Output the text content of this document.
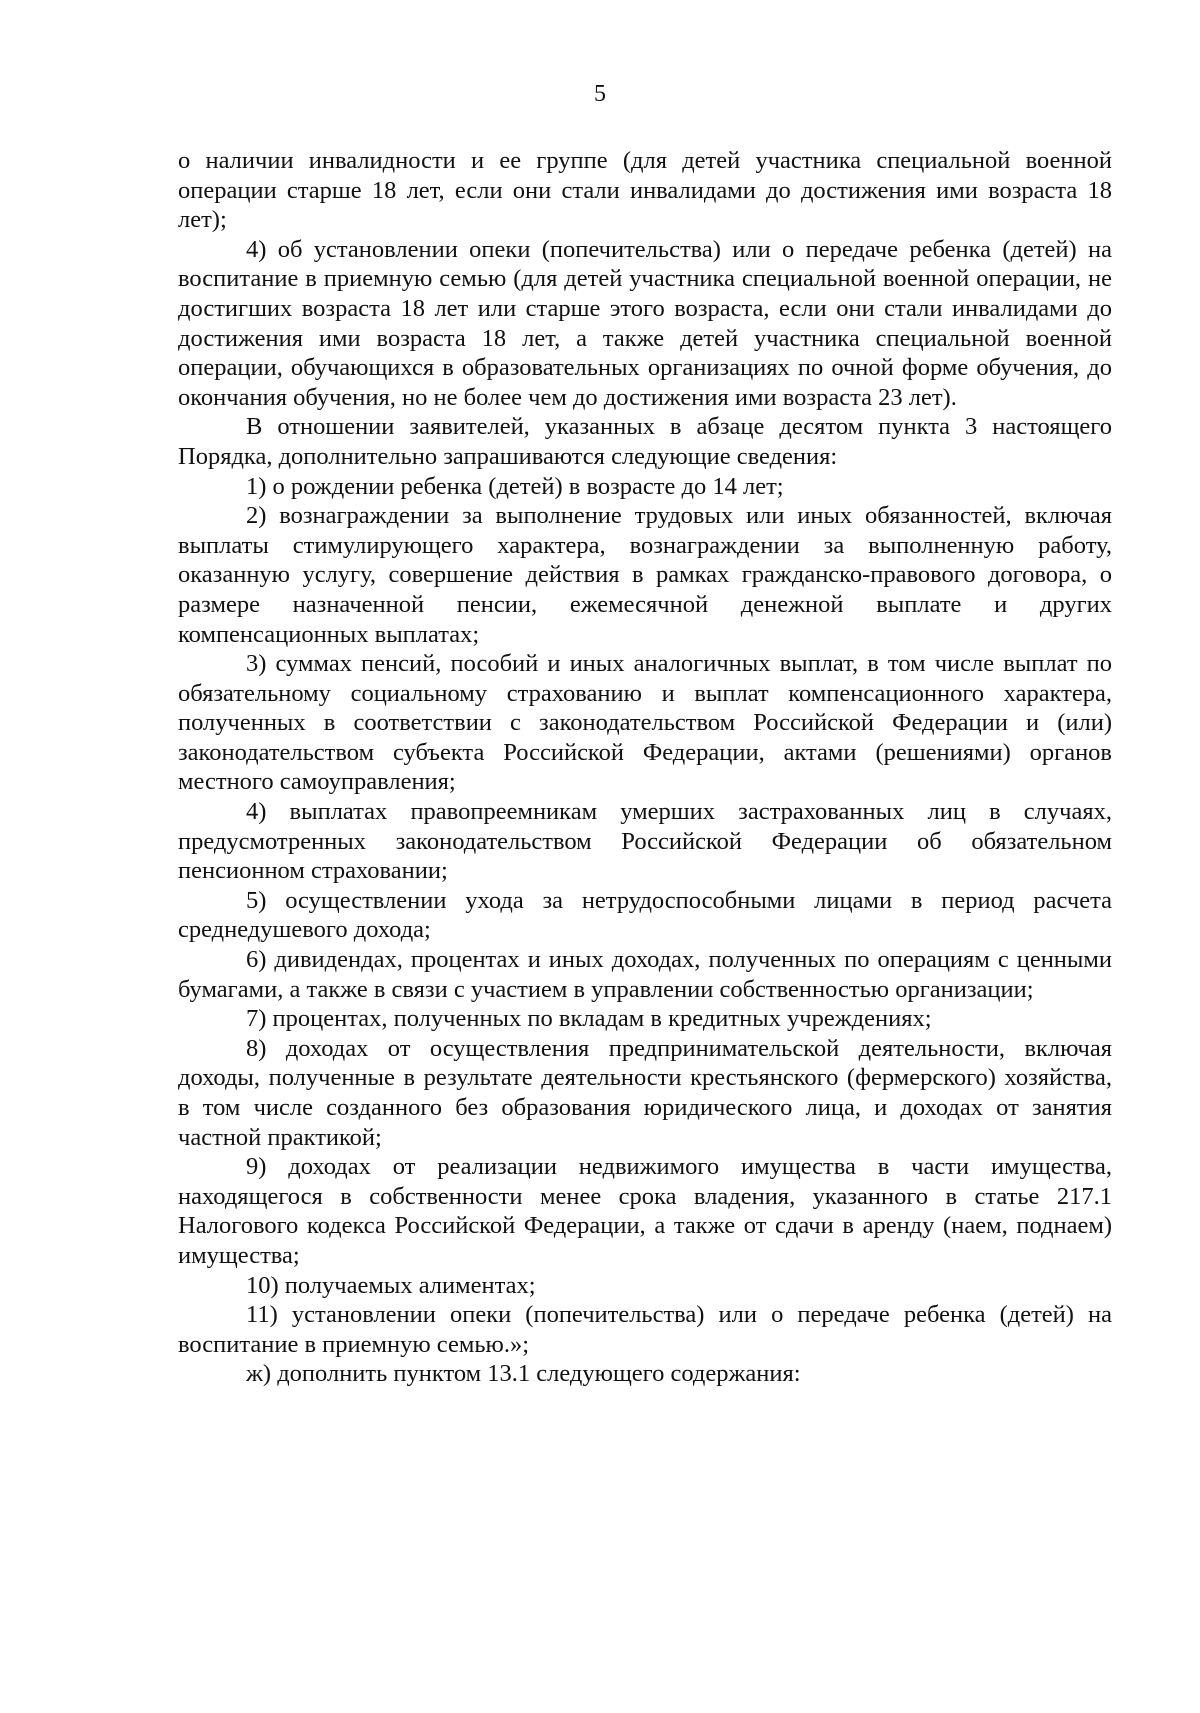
5

о наличии инвалидности и ее группе (для детей участника специальной военной операции старше 18 лет, если они стали инвалидами до достижения ими возраста 18 лет);

4) об установлении опеки (попечительства) или о передаче ребенка (детей) на воспитание в приемную семью (для детей участника специальной военной операции, не достигших возраста 18 лет или старше этого возраста, если они стали инвалидами до достижения ими возраста 18 лет, а также детей участника специальной военной операции, обучающихся в образовательных организациях по очной форме обучения, до окончания обучения, но не более чем до достижения ими возраста 23 лет).

В отношении заявителей, указанных в абзаце десятом пункта 3 настоящего Порядка, дополнительно запрашиваются следующие сведения:

1) о рождении ребенка (детей) в возрасте до 14 лет;

2) вознаграждении за выполнение трудовых или иных обязанностей, включая выплаты стимулирующего характера, вознаграждении за выполненную работу, оказанную услугу, совершение действия в рамках гражданско-правового договора, о размере назначенной пенсии, ежемесячной денежной выплате и других компенсационных выплатах;

3) суммах пенсий, пособий и иных аналогичных выплат, в том числе выплат по обязательному социальному страхованию и выплат компенсационного характера, полученных в соответствии с законодательством Российской Федерации и (или) законодательством субъекта Российской Федерации, актами (решениями) органов местного самоуправления;

4) выплатах правопреемникам умерших застрахованных лиц в случаях, предусмотренных законодательством Российской Федерации об обязательном пенсионном страховании;

5) осуществлении ухода за нетрудоспособными лицами в период расчета среднедушевого дохода;

6) дивидендах, процентах и иных доходах, полученных по операциям с ценными бумагами, а также в связи с участием в управлении собственностью организации;

7) процентах, полученных по вкладам в кредитных учреждениях;

8) доходах от осуществления предпринимательской деятельности, включая доходы, полученные в результате деятельности крестьянского (фермерского) хозяйства, в том числе созданного без образования юридического лица, и доходах от занятия частной практикой;

9) доходах от реализации недвижимого имущества в части имущества, находящегося в собственности менее срока владения, указанного в статье 217.1 Налогового кодекса Российской Федерации, а также от сдачи в аренду (наем, поднаем) имущества;

10) получаемых алиментах;

11) установлении опеки (попечительства) или о передаче ребенка (детей) на воспитание в приемную семью.»;

ж) дополнить пунктом 13.1 следующего содержания:
